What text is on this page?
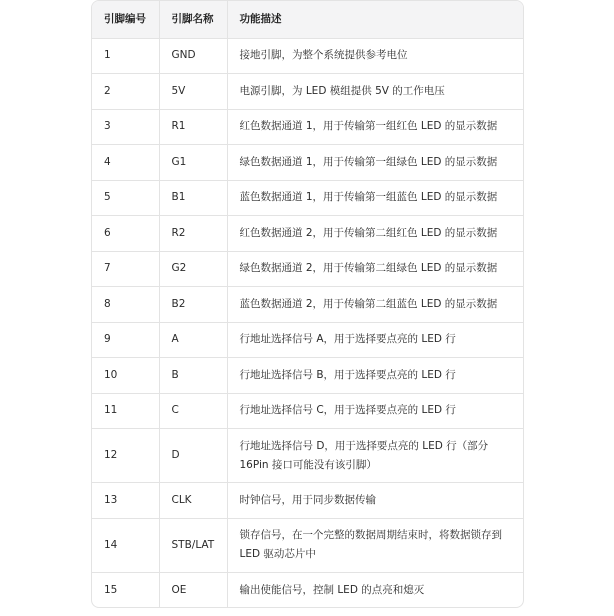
引脚编号	引脚名称	功能描述
1	GND	接地引脚，为整个系统提供参考电位
2	5V	电源引脚，为 LED 模组提供 5V 的工作电压
3	R1	红色数据通道 1，用于传输第一组红色 LED 的显示数据
4	G1	绿色数据通道 1，用于传输第一组绿色 LED 的显示数据
5	B1	蓝色数据通道 1，用于传输第一组蓝色 LED 的显示数据
6	R2	红色数据通道 2，用于传输第二组红色 LED 的显示数据
7	G2	绿色数据通道 2，用于传输第二组绿色 LED 的显示数据
8	B2	蓝色数据通道 2，用于传输第二组蓝色 LED 的显示数据
9	A	行地址选择信号 A，用于选择要点亮的 LED 行
10	B	行地址选择信号 B，用于选择要点亮的 LED 行
11	C	行地址选择信号 C，用于选择要点亮的 LED 行
12	D	行地址选择信号 D，用于选择要点亮的 LED 行（部分 16Pin 接口可能没有该引脚）
13	CLK	时钟信号，用于同步数据传输
14	STB/LAT	锁存信号，在一个完整的数据周期结束时，将数据锁存到 LED 驱动芯片中
15	OE	输出使能信号，控制 LED 的点亮和熄灭
